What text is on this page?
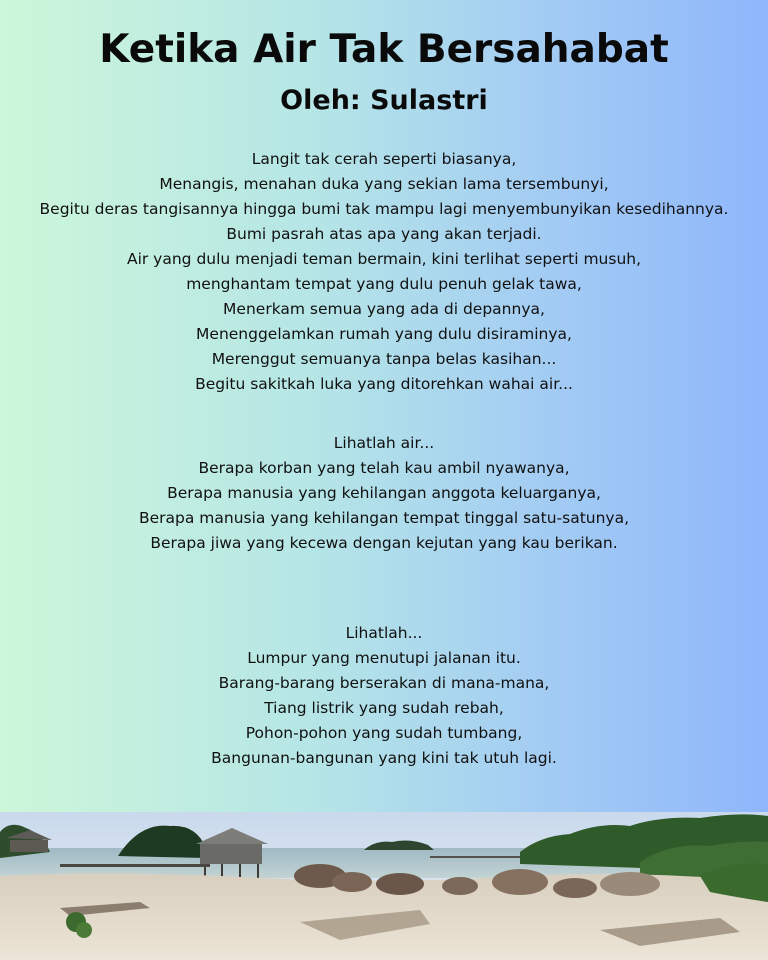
Ketika Air Tak Bersahabat
Oleh: Sulastri
Langit tak cerah seperti biasanya,
Menangis, menahan duka yang sekian lama tersembunyi,
Begitu deras tangisannya hingga bumi tak mampu lagi menyembunyikan kesedihannya.
Bumi pasrah atas apa yang akan terjadi.
Air yang dulu menjadi teman bermain, kini terlihat seperti musuh,
menghantam tempat yang dulu penuh gelak tawa,
Menerkam semua yang ada di depannya,
Menenggelamkan rumah yang dulu disiraminya,
Merenggut semuanya tanpa belas kasihan...
Begitu sakitkah luka yang ditorehkan wahai air...
Lihatlah air...
Berapa korban yang telah kau ambil nyawanya,
Berapa manusia yang kehilangan anggota keluarganya,
Berapa manusia yang kehilangan tempat tinggal satu-satunya,
Berapa jiwa yang kecewa dengan kejutan yang kau berikan.
Lihatlah...
Lumpur yang menutupi jalanan itu.
Barang-barang berserakan di mana-mana,
Tiang listrik yang sudah rebah,
Pohon-pohon yang sudah tumbang,
Bangunan-bangunan yang kini tak utuh lagi.
